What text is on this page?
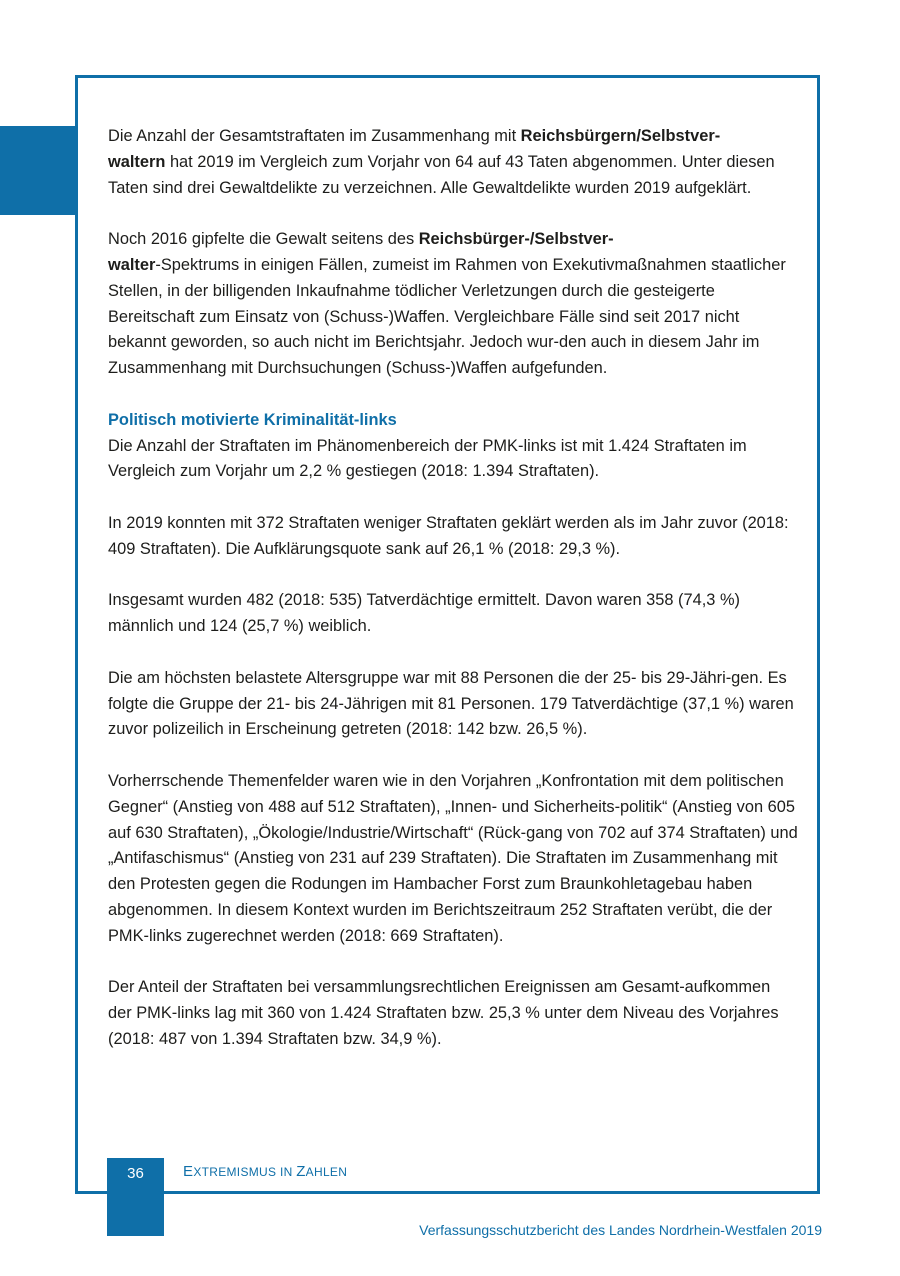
Die Anzahl der Gesamtstraftaten im Zusammenhang mit Reichsbürgern/Selbstver-
waltern hat 2019 im Vergleich zum Vorjahr von 64 auf 43 Taten abgenommen. Unter diesen Taten sind drei Gewaltdelikte zu verzeichnen. Alle Gewaltdelikte wurden 2019 aufgeklärt.

Noch 2016 gipfelte die Gewalt seitens des Reichsbürger-/Selbstver-
walter-Spektrums in einigen Fällen, zumeist im Rahmen von Exekutivmaßnahmen staatlicher Stellen, in der billigenden Inkaufnahme tödlicher Verletzungen durch die gesteigerte Bereitschaft zum Einsatz von (Schuss-)Waffen. Vergleichbare Fälle sind seit 2017 nicht bekannt geworden, so auch nicht im Berichtsjahr. Jedoch wur-den auch in diesem Jahr im Zusammenhang mit Durchsuchungen (Schuss-)Waffen aufgefunden.

Politisch motivierte Kriminalität-links
Die Anzahl der Straftaten im Phänomenbereich der PMK-links ist mit 1.424 Straftaten im Vergleich zum Vorjahr um 2,2 % gestiegen (2018: 1.394 Straftaten).

In 2019 konnten mit 372 Straftaten weniger Straftaten geklärt werden als im Jahr zuvor (2018: 409 Straftaten). Die Aufklärungsquote sank auf 26,1 % (2018: 29,3 %).

Insgesamt wurden 482 (2018: 535) Tatverdächtige ermittelt. Davon waren 358 (74,3 %) männlich und 124 (25,7 %) weiblich.

Die am höchsten belastete Altersgruppe war mit 88 Personen die der 25- bis 29-Jähri-gen. Es folgte die Gruppe der 21- bis 24-Jährigen mit 81 Personen. 179 Tatverdächtige (37,1 %) waren zuvor polizeilich in Erscheinung getreten (2018: 142 bzw. 26,5 %).

Vorherrschende Themenfelder waren wie in den Vorjahren „Konfrontation mit dem politischen Gegner“ (Anstieg von 488 auf 512 Straftaten), „Innen- und Sicherheits-politik“ (Anstieg von 605 auf 630 Straftaten), „Ökologie/Industrie/Wirtschaft“ (Rück-gang von 702 auf 374 Straftaten) und „Antifaschismus“ (Anstieg von 231 auf 239 Straftaten). Die Straftaten im Zusammenhang mit den Protesten gegen die Rodungen im Hambacher Forst zum Braunkohletagebau haben abgenommen. In diesem Kontext wurden im Berichtszeitraum 252 Straftaten verübt, die der PMK-links zugerechnet werden (2018: 669 Straftaten).

Der Anteil der Straftaten bei versammlungsrechtlichen Ereignissen am Gesamt-aufkommen der PMK-links lag mit 360 von 1.424 Straftaten bzw. 25,3 % unter dem Niveau des Vorjahres (2018: 487 von 1.394 Straftaten bzw. 34,9 %).

36	EXTREMISMUS IN ZAHLEN
Verfassungsschutzbericht des Landes Nordrhein-Westfalen 2019
